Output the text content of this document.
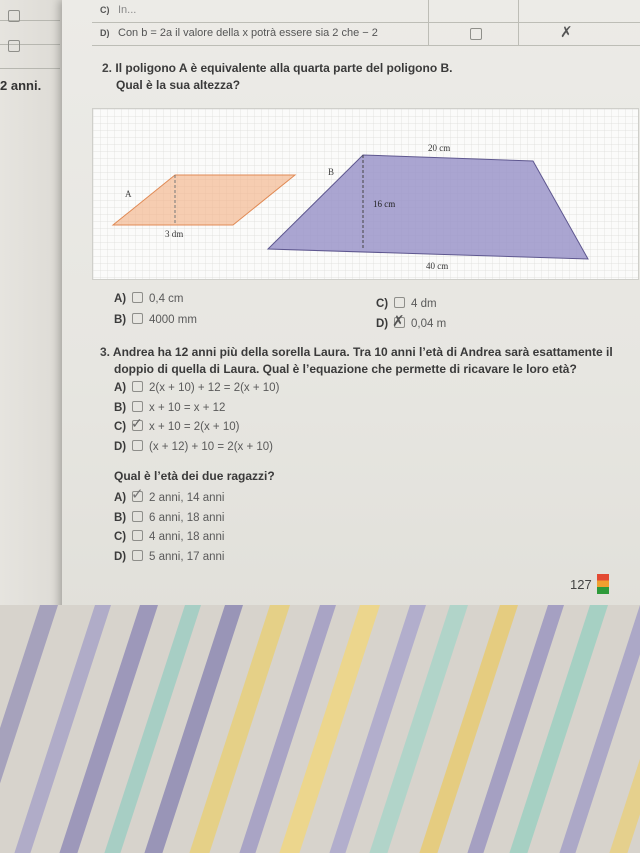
2 anni.
C) In...
D) Con b = 2a il valore della x potrà essere sia 2 che − 2	✗
2. Il poligono A è equivalente alla quarta parte del poligono B.
Qual è la sua altezza?
A
B
3 dm
20 cm
16 cm
40 cm
A) 0,4 cm
B) 4000 mm
C) 4 dm
D) ✗ 0,04 m
3. Andrea ha 12 anni più della sorella Laura. Tra 10 anni l’età di Andrea sarà esattamente il
doppio di quella di Laura. Qual è l’equazione che permette di ricavare le loro età?
A) 2(x + 10) + 12 = 2(x + 10)
B) x + 10 = x + 12
C) ✓ x + 10 = 2(x + 10)
D) (x + 12) + 10 = 2(x + 10)
Qual è l’età dei due ragazzi?
A) ✓ 2 anni, 14 anni
B) 6 anni, 18 anni
C) 4 anni, 18 anni
D) 5 anni, 17 anni
127
